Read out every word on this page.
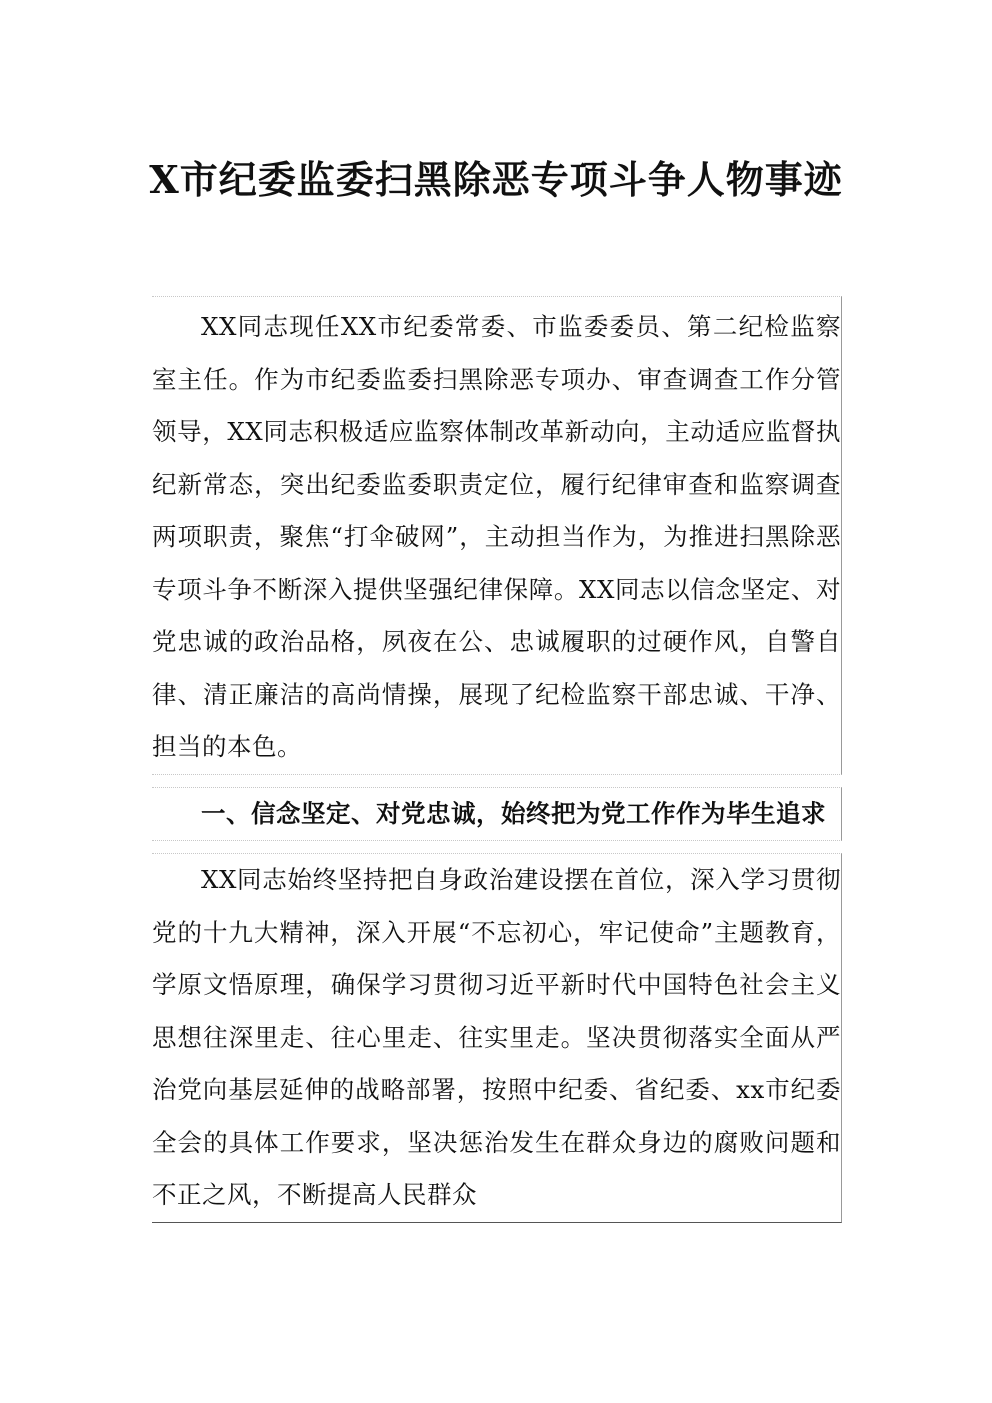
X市纪委监委扫黑除恶专项斗争人物事迹

XX同志现任XX市纪委常委、市监委委员、第二纪检监察室主任。作为市纪委监委扫黑除恶专项办、审查调查工作分管领导，XX同志积极适应监察体制改革新动向，主动适应监督执纪新常态，突出纪委监委职责定位，履行纪律审查和监察调查两项职责，聚焦“打伞破网”，主动担当作为，为推进扫黑除恶专项斗争不断深入提供坚强纪律保障。XX同志以信念坚定、对党忠诚的政治品格，夙夜在公、忠诚履职的过硬作风，自警自律、清正廉洁的高尚情操，展现了纪检监察干部忠诚、干净、担当的本色。

一、信念坚定、对党忠诚，始终把为党工作作为毕生追求

XX同志始终坚持把自身政治建设摆在首位，深入学习贯彻党的十九大精神，深入开展“不忘初心，牢记使命”主题教育，学原文悟原理，确保学习贯彻习近平新时代中国特色社会主义思想往深里走、往心里走、往实里走。坚决贯彻落实全面从严治党向基层延伸的战略部署，按照中纪委、省纪委、xx市纪委全会的具体工作要求，坚决惩治发生在群众身边的腐败问题和不正之风，不断提高人民群众
